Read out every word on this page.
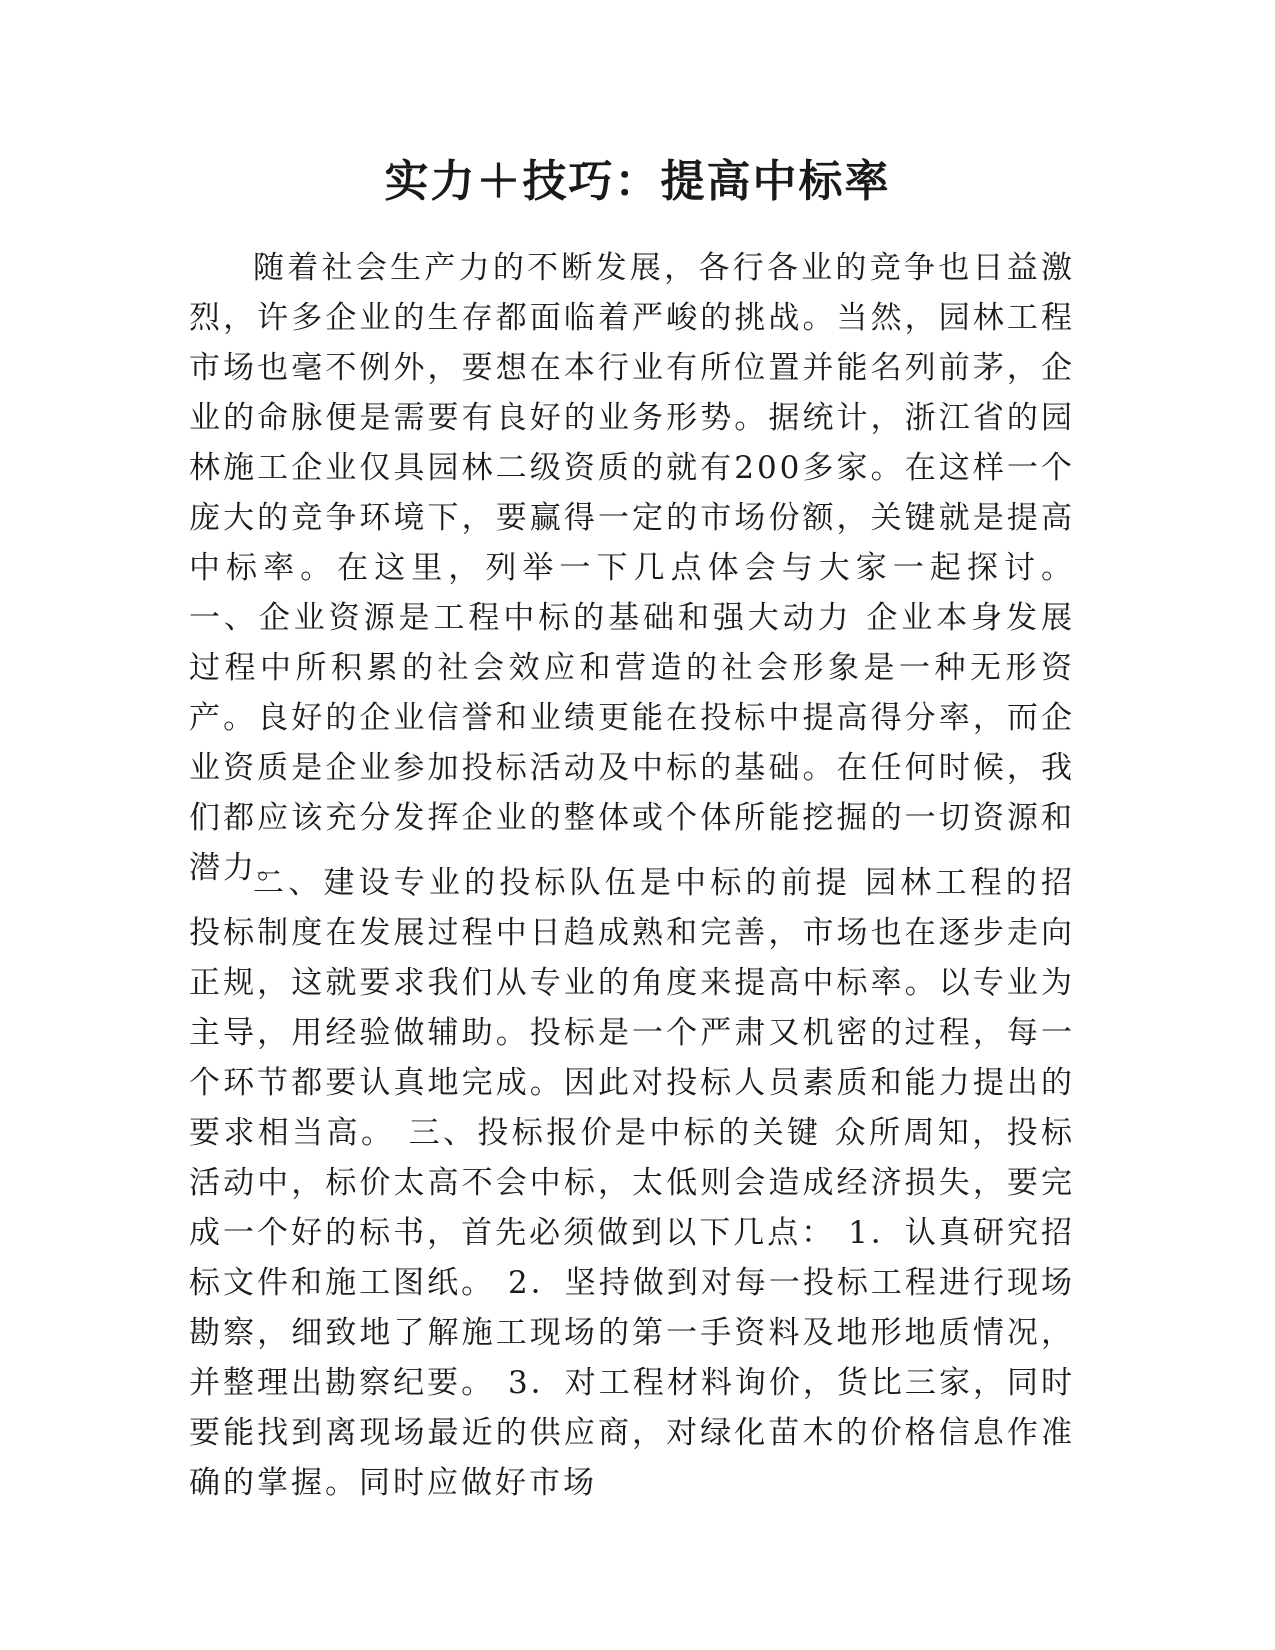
实力＋技巧：提高中标率

随着社会生产力的不断发展，各行各业的竞争也日益激烈，许多企业的生存都面临着严峻的挑战。当然，园林工程市场也毫不例外，要想在本行业有所位置并能名列前茅，企业的命脉便是需要有良好的业务形势。据统计，浙江省的园林施工企业仅具园林二级资质的就有200多家。在这样一个庞大的竞争环境下，要赢得一定的市场份额，关键就是提高中标率。在这里，列举一下几点体会与大家一起探讨。 一、企业资源是工程中标的基础和强大动力 企业本身发展过程中所积累的社会效应和营造的社会形象是一种无形资产。良好的企业信誉和业绩更能在投标中提高得分率，而企业资质是企业参加投标活动及中标的基础。在任何时候，我们都应该充分发挥企业的整体或个体所能挖掘的一切资源和潜力。

二、建设专业的投标队伍是中标的前提 园林工程的招投标制度在发展过程中日趋成熟和完善，市场也在逐步走向正规，这就要求我们从专业的角度来提高中标率。以专业为主导，用经验做辅助。投标是一个严肃又机密的过程，每一个环节都要认真地完成。因此对投标人员素质和能力提出的要求相当高。 三、投标报价是中标的关键 众所周知，投标活动中，标价太高不会中标，太低则会造成经济损失，要完成一个好的标书，首先必须做到以下几点： 1．认真研究招标文件和施工图纸。 2．坚持做到对每一投标工程进行现场勘察，细致地了解施工现场的第一手资料及地形地质情况，并整理出勘察纪要。 3．对工程材料询价，货比三家，同时要能找到离现场最近的供应商，对绿化苗木的价格信息作准确的掌握。同时应做好市场
